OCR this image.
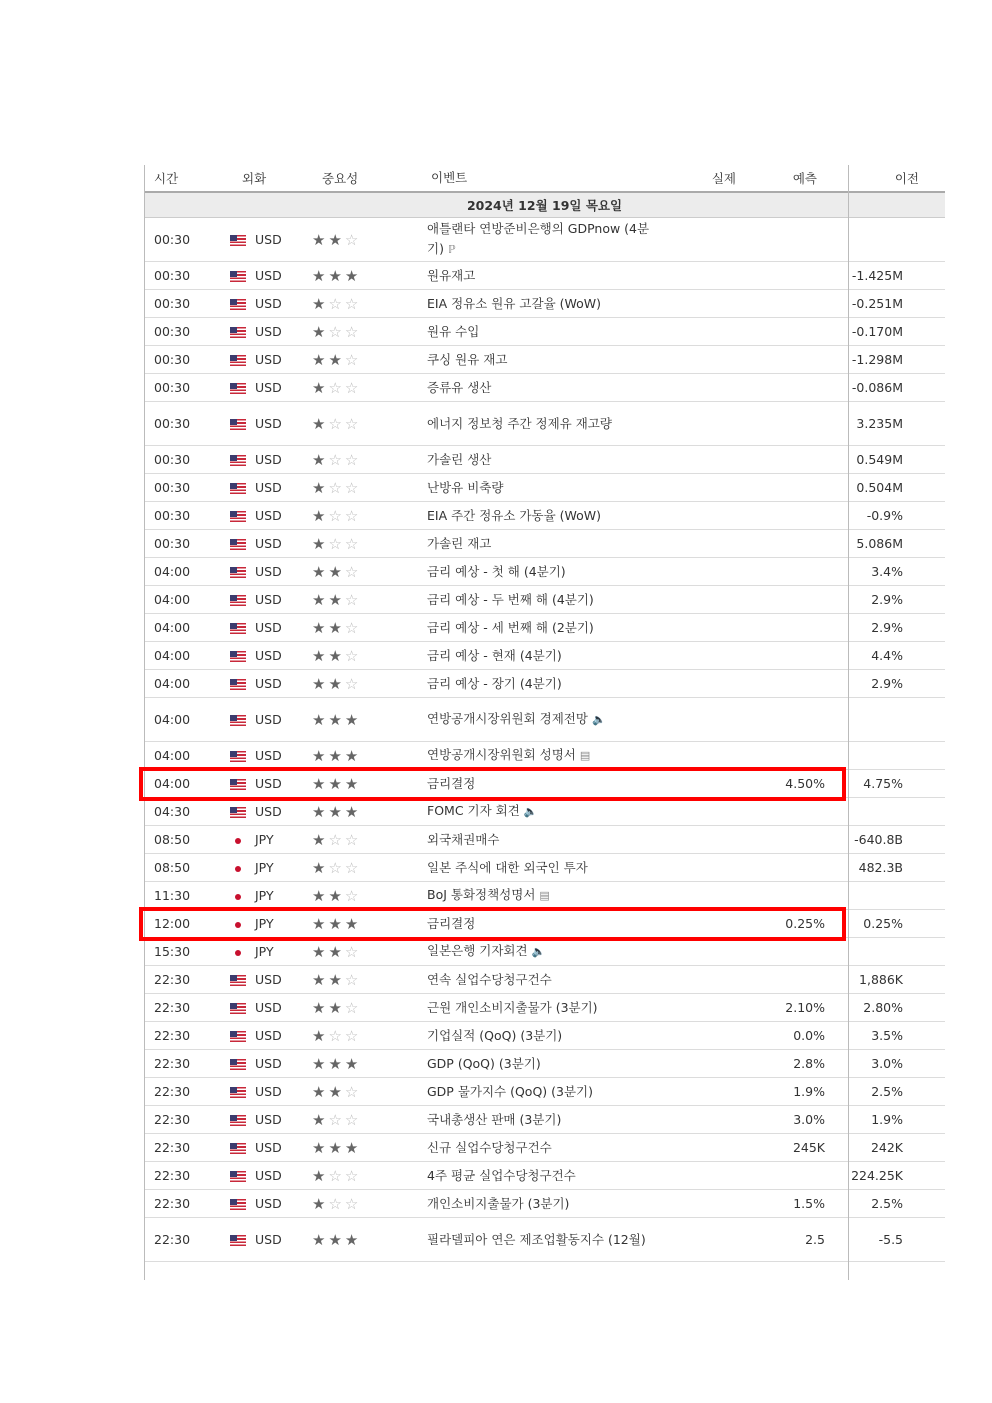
시간	외화	중요성	이벤트	실제	예측	이전
2024년 12월 19일 목요일						
00:30	USD	★★☆	애틀랜타 연방준비은행의 GDPnow (4분기) ℙ			
00:30	USD	★★★	원유재고			-1.425M
00:30	USD	★☆☆	EIA 정유소 원유 고갈율 (WoW)			-0.251M
00:30	USD	★☆☆	원유 수입			-0.170M
00:30	USD	★★☆	쿠싱 원유 재고			-1.298M
00:30	USD	★☆☆	증류유 생산			-0.086M
00:30	USD	★☆☆	에너지 정보청 주간 정제유 재고량			3.235M
00:30	USD	★☆☆	가솔린 생산			0.549M
00:30	USD	★☆☆	난방유 비축량			0.504M
00:30	USD	★☆☆	EIA 주간 정유소 가동율 (WoW)			-0.9%
00:30	USD	★☆☆	가솔린 재고			5.086M
04:00	USD	★★☆	금리 예상 - 첫 해 (4분기)			3.4%
04:00	USD	★★☆	금리 예상 - 두 번째 해 (4분기)			2.9%
04:00	USD	★★☆	금리 예상 - 세 번째 해 (2분기)			2.9%
04:00	USD	★★☆	금리 예상 - 현재 (4분기)			4.4%
04:00	USD	★★☆	금리 예상 - 장기 (4분기)			2.9%
04:00	USD	★★★	연방공개시장위원회 경제전망 🔈			
04:00	USD	★★★	연방공개시장위원회 성명서 ▤			
04:00	USD	★★★	금리결정		4.50%	4.75%
04:30	USD	★★★	FOMC 기자 회견 🔈			
08:50	JPY	★☆☆	외국채권매수			-640.8B
08:50	JPY	★☆☆	일본 주식에 대한 외국인 투자			482.3B
11:30	JPY	★★☆	BoJ 통화정책성명서 ▤			
12:00	JPY	★★★	금리결정		0.25%	0.25%
15:30	JPY	★★☆	일본은행 기자회견 🔈			
22:30	USD	★★☆	연속 실업수당청구건수			1,886K
22:30	USD	★★☆	근원 개인소비지출물가 (3분기)		2.10%	2.80%
22:30	USD	★☆☆	기업실적 (QoQ) (3분기)		0.0%	3.5%
22:30	USD	★★★	GDP (QoQ) (3분기)		2.8%	3.0%
22:30	USD	★★☆	GDP 물가지수 (QoQ) (3분기)		1.9%	2.5%
22:30	USD	★☆☆	국내총생산 판매 (3분기)		3.0%	1.9%
22:30	USD	★★★	신규 실업수당청구건수		245K	242K
22:30	USD	★☆☆	4주 평균 실업수당청구건수			224.25K
22:30	USD	★☆☆	개인소비지출물가 (3분기)		1.5%	2.5%
22:30	USD	★★★	필라델피아 연은 제조업활동지수 (12월)		2.5	-5.5
